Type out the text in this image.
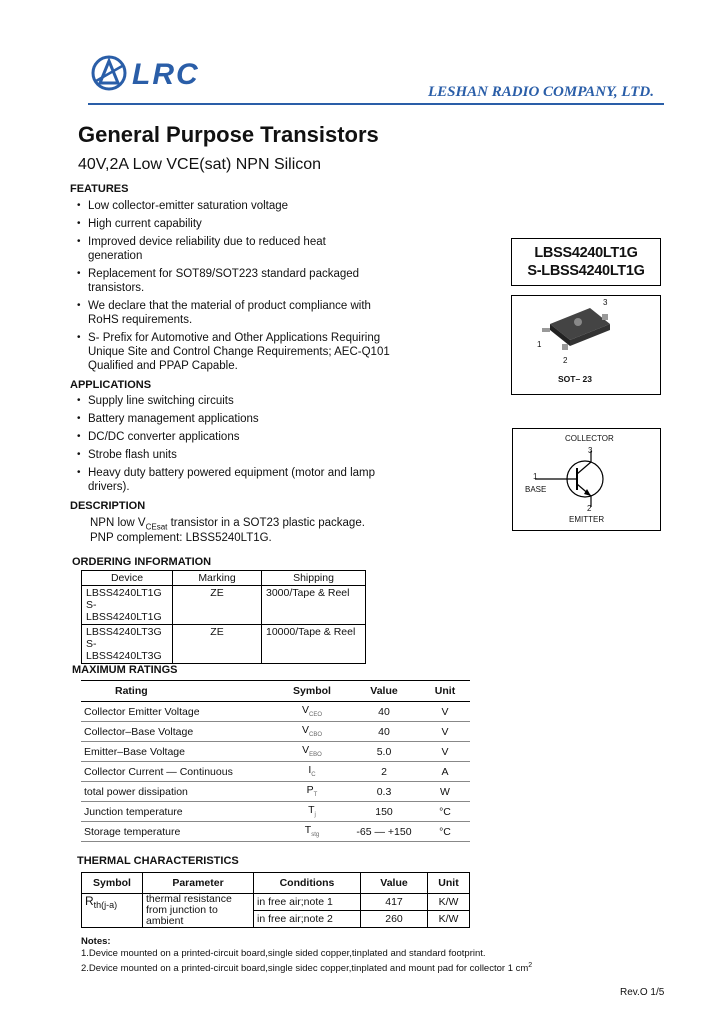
LRC
LESHAN RADIO COMPANY, LTD.
General Purpose Transistors
40V,2A Low VCE(sat) NPN Silicon
FEATURES
• Low collector-emitter saturation voltage
• High current capability
• Improved device reliability due to reduced heat generation
• Replacement for SOT89/SOT223 standard packaged transistors.
• We declare that the material of product compliance with RoHS requirements.
• S- Prefix for Automotive and Other Applications Requiring Unique Site and Control Change Requirements; AEC-Q101 Qualified and PPAP Capable.
APPLICATIONS
• Supply line switching circuits
• Battery management applications
• DC/DC converter applications
• Strobe flash units
• Heavy duty battery powered equipment (motor and lamp drivers).
DESCRIPTION
NPN low $V_{CEsat}$ transistor in a SOT23 plastic package.
PNP complement: LBSS5240LT1G.
LBSS4240LT1G
S-LBSS4240LT1G
3
1
2
SOT– 23
COLLECTOR
3
1
BASE
2
EMITTER
ORDERING INFORMATION
Device	Marking	Shipping

LBSS4240LT1G
S-LBSS4240LT1G	ZE	3000/Tape & Reel

LBSS4240LT3G
S-LBSS4240LT3G	ZE	10000/Tape & Reel
MAXIMUM RATINGS
Rating	Symbol	Value	Unit
Collector Emitter Voltage	$V_{CEO}$	40	V
Collector–Base Voltage	$V_{CBO}$	40	V
Emitter–Base Voltage	$V_{EBO}$	5.0	V
Collector Current — Continuous	$I_C$	2	A
total power dissipation	$P_T$	0.3	W
Junction temperature	$T_j$	150	°C
Storage temperature	$T_{stg}$	-65 — +150	°C
THERMAL CHARACTERISTICS
Symbol	Parameter	Conditions	Value	Unit
$R_{th(j-a)}$	thermal resistance from junction to ambient	in free air;note 1	417	K/W
		in free air;note 2	260	K/W
Notes:
1.Device mounted on a printed-circuit board,single sided copper,tinplated and standard footprint.
2.Device mounted on a printed-circuit board,single sidec copper,tinplated and mount pad for collector 1 $cm^2$
Rev.O 1/5
